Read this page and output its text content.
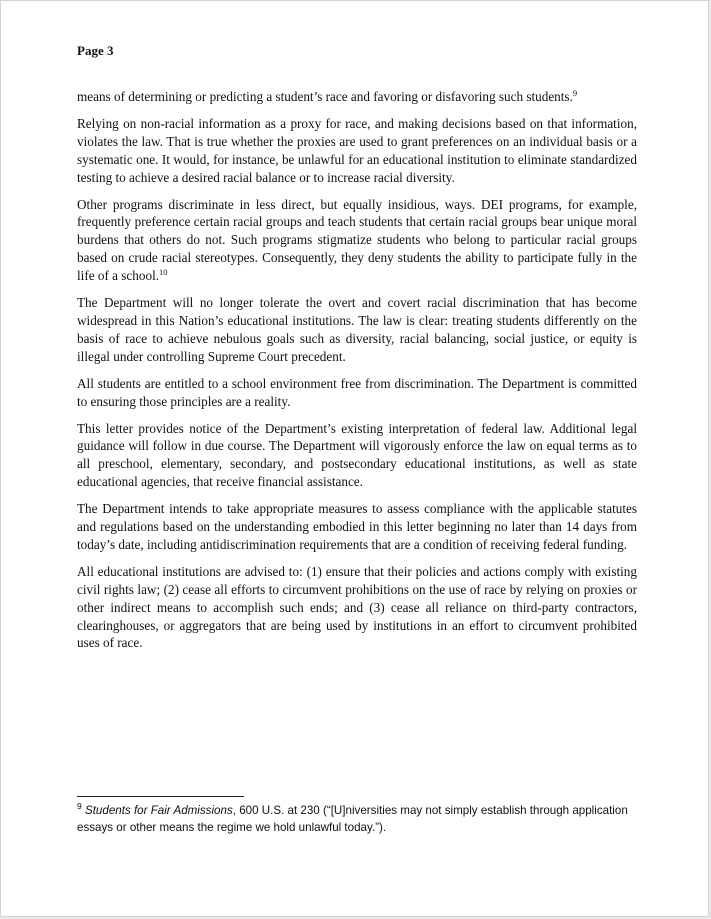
Page 3

means of determining or predicting a student’s race and favoring or disfavoring such students.$^9$

Relying on non-racial information as a proxy for race, and making decisions based on that information, violates the law. That is true whether the proxies are used to grant preferences on an individual basis or a systematic one. It would, for instance, be unlawful for an educational institution to eliminate standardized testing to achieve a desired racial balance or to increase racial diversity.

Other programs discriminate in less direct, but equally insidious, ways. DEI programs, for example, frequently preference certain racial groups and teach students that certain racial groups bear unique moral burdens that others do not. Such programs stigmatize students who belong to particular racial groups based on crude racial stereotypes. Consequently, they deny students the ability to participate fully in the life of a school.$^{10}$

The Department will no longer tolerate the overt and covert racial discrimination that has become widespread in this Nation’s educational institutions. The law is clear: treating students differently on the basis of race to achieve nebulous goals such as diversity, racial balancing, social justice, or equity is illegal under controlling Supreme Court precedent.

All students are entitled to a school environment free from discrimination. The Department is committed to ensuring those principles are a reality.

This letter provides notice of the Department’s existing interpretation of federal law. Additional legal guidance will follow in due course. The Department will vigorously enforce the law on equal terms as to all preschool, elementary, secondary, and postsecondary educational institutions, as well as state educational agencies, that receive financial assistance.

The Department intends to take appropriate measures to assess compliance with the applicable statutes and regulations based on the understanding embodied in this letter beginning no later than 14 days from today’s date, including antidiscrimination requirements that are a condition of receiving federal funding.

All educational institutions are advised to: (1) ensure that their policies and actions comply with existing civil rights law; (2) cease all efforts to circumvent prohibitions on the use of race by relying on proxies or other indirect means to accomplish such ends; and (3) cease all reliance on third-party contractors, clearinghouses, or aggregators that are being used by institutions in an effort to circumvent prohibited uses of race.

$^9$ Students for Fair Admissions, 600 U.S. at 230 (“[U]niversities may not simply establish through application essays or other means the regime we hold unlawful today.”).
